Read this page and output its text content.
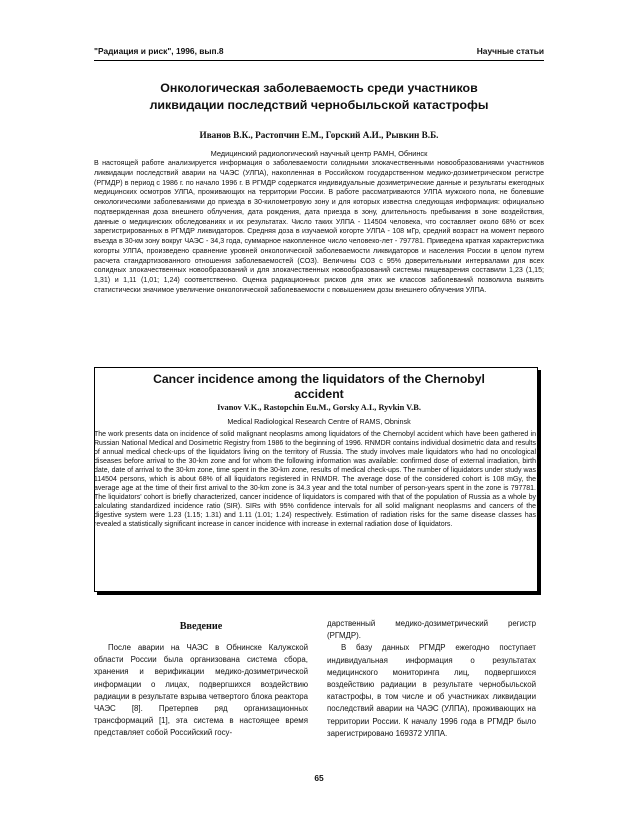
"Радиация и риск", 1996, вып.8	Научные статьи
Онкологическая заболеваемость среди участников
ликвидации последствий чернобыльской катастрофы
Иванов В.К., Растопчин Е.М., Горский А.И., Рывкин В.Б.
Медицинский радиологический научный центр РАМН, Обнинск
В настоящей работе анализируется информация о заболеваемости солидными злокачественными новообразованиями участников ликвидации последствий аварии на ЧАЭС (УЛПА), накопленная в Российском государственном медико-дозиметрическом регистре (РГМДР) в период с 1986 г. по начало 1996 г. В РГМДР содержатся индивидуальные дозиметрические данные и результаты ежегодных медицинских осмотров УЛПА, проживающих на территории России. В работе рассматриваются УЛПА мужского пола, не болевшие онкологическими заболеваниями до приезда в 30-километровую зону и для которых известна следующая информация: официально подтвержденная доза внешнего облучения, дата рождения, дата приезда в зону, длительность пребывания в зоне воздействия, данные о медицинских обследованиях и их результатах. Число таких УЛПА - 114504 человека, что составляет около 68% от всех зарегистрированных в РГМДР ликвидаторов. Средняя доза в изучаемой когорте УЛПА - 108 мГр, средний возраст на момент первого въезда в 30-км зону вокруг ЧАЭС - 34,3 года, суммарное накопленное число человеко-лет - 797781. Приведена краткая характеристика когорты УЛПА, произведено сравнение уровней онкологической заболеваемости ликвидаторов и населения России в целом путем расчета стандартизованного отношения заболеваемостей (СОЗ). Величины СОЗ с 95% доверительными интервалами для всех солидных злокачественных новообразований и для злокачественных новообразований системы пищеварения составили 1,23 (1,15; 1,31) и 1,11 (1,01; 1,24) соответственно. Оценка радиационных рисков для этих же классов заболеваний позволила выявить статистически значимое увеличение онкологической заболеваемости с повышением дозы внешнего облучения УЛПА.
Cancer incidence among the liquidators of the Chernobyl
accident
Ivanov V.K., Rastopchin Eu.M., Gorsky A.I., Ryvkin V.B.
Medical Radiological Research Centre of RAMS, Obninsk
The work presents data on incidence of solid malignant neoplasms among liquidators of the Chernobyl accident which have been gathered in Russian National Medical and Dosimetric Registry from 1986 to the beginning of 1996. RNMDR contains individual dosimetric data and results of annual medical check-ups of the liquidators living on the territory of Russia. The study involves male liquidators who had no oncological diseases before arrival to the 30-km zone and for whom the following information was available: confirmed dose of external irradiation, birth date, date of arrival to the 30-km zone, time spent in the 30-km zone, results of medical check-ups. The number of liquidators under study was 114504 persons, which is about 68% of all liquidators registered in RNMDR. The average dose of the considered cohort is 108 mGy, the average age at the time of their first arrival to the 30-km zone is 34.3 year and the total number of person-years spent in the zone is 797781. The liquidators' cohort is briefly characterized, cancer incidence of liquidators is compared with that of the population of Russia as a whole by calculating standardized incidence ratio (SIR). SIRs with 95% confidence intervals for all solid malignant neoplasms and cancers of the digestive system were 1.23 (1.15; 1.31) and 1.11 (1.01; 1.24) respectively. Estimation of radiation risks for the same disease classes has revealed a statistically significant increase in cancer incidence with increase in external radiation dose of liquidators.
Введение

После аварии на ЧАЭС в Обнинске Калужской области России была организована система сбора, хранения и верификации медико-дозиметрической информации о лицах, подвергшихся воздействию радиации в результате взрыва четвертого блока реактора ЧАЭС [8]. Претерпев ряд организационных трансформаций [1], эта система в настоящее время представляет собой Российский госу-

дарственный медико-дозиметрический регистр (РГМДР).

В базу данных РГМДР ежегодно поступает индивидуальная информация о результатах медицинского мониторинга лиц, подвергшихся воздействию радиации в результате чернобыльской катастрофы, в том числе и об участниках ликвидации последствий аварии на ЧАЭС (УЛПА), проживающих на территории России. К началу 1996 года в РГМДР было зарегистрировано 169372 УЛПА.

65
